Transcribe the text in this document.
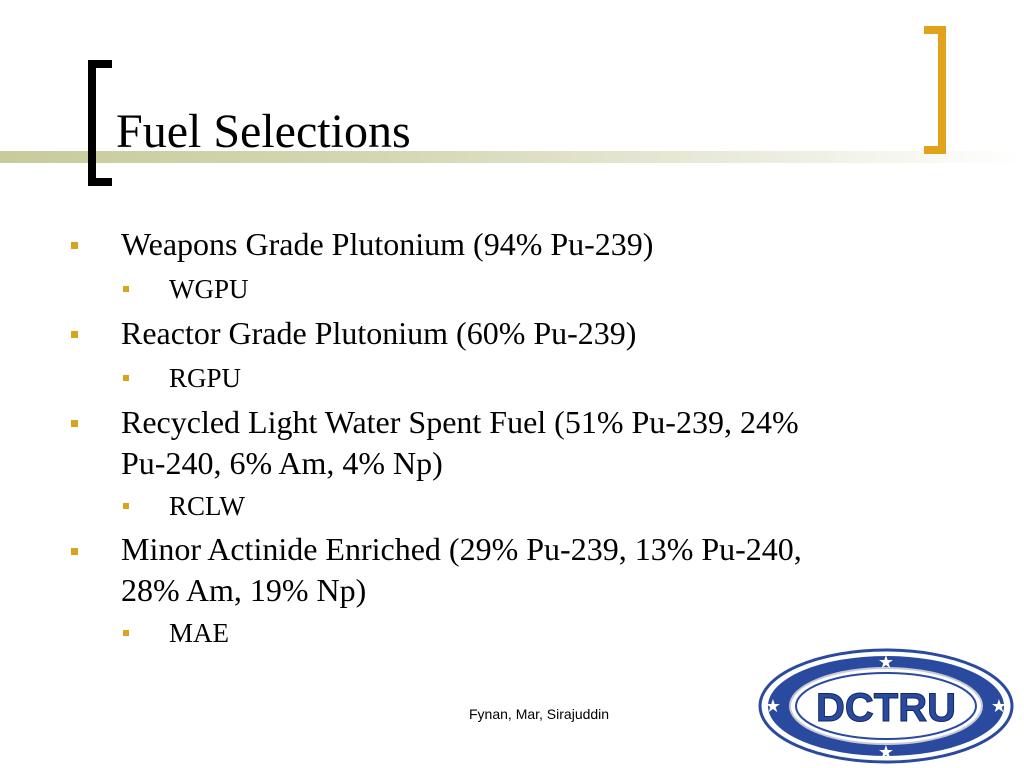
Fuel Selections
Weapons Grade Plutonium (94% Pu-239)
WGPU
Reactor Grade Plutonium (60% Pu-239)
RGPU
Recycled Light Water Spent Fuel (51% Pu-239, 24%
Pu-240, 6% Am, 4% Np)
RCLW
Minor Actinide Enriched (29% Pu-239, 13% Pu-240,
28% Am, 19% Np)
MAE
Fynan, Mar, Sirajuddin	DCTRU
★
★
★	★
